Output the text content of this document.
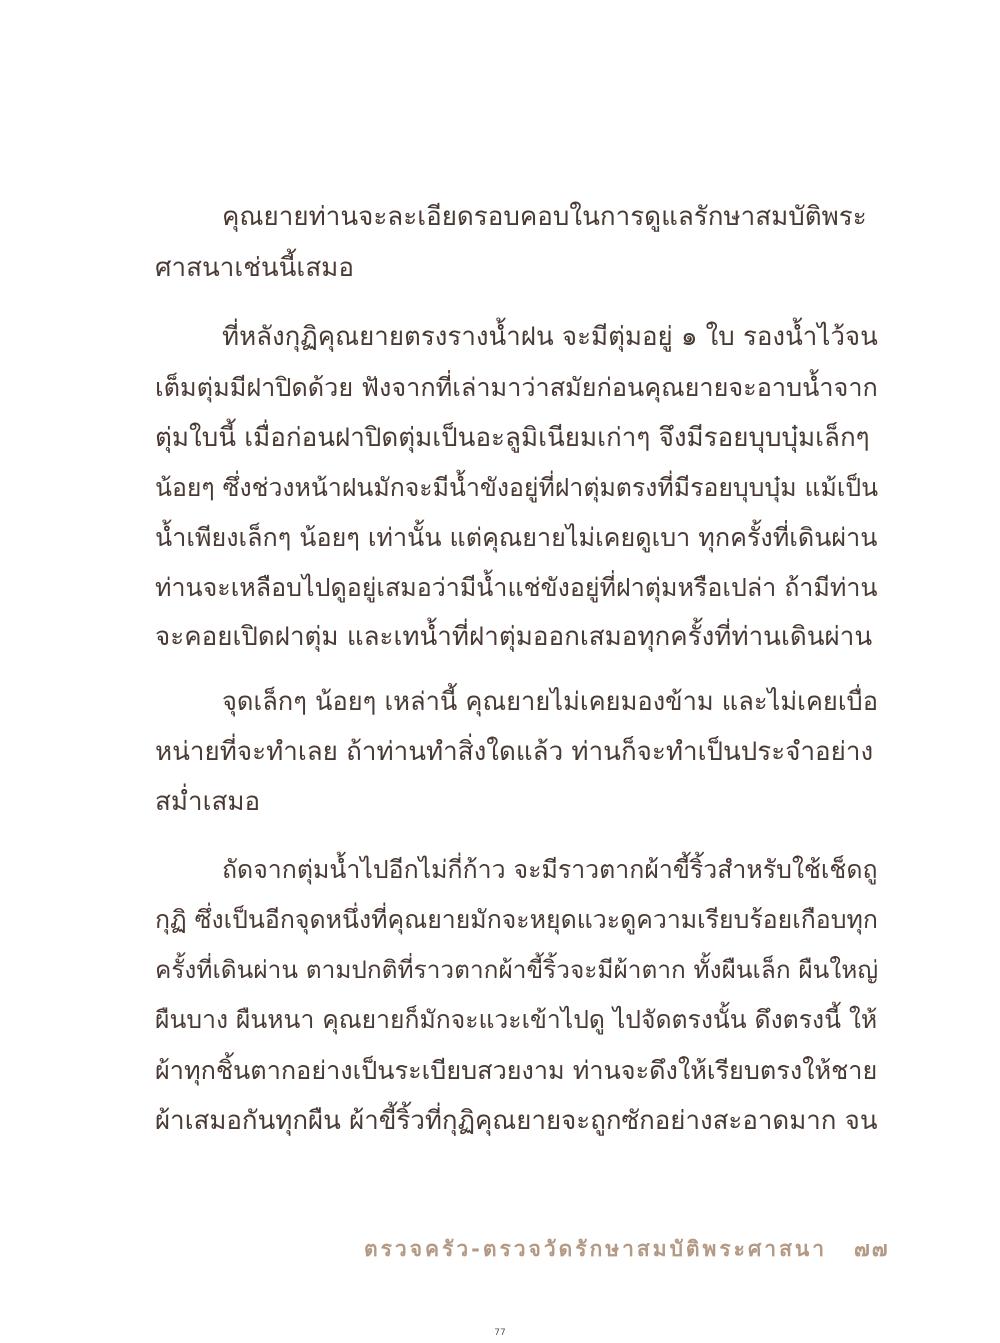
คุณยายท่านจะละเอียดรอบคอบในการดูแลรักษาสมบัติพระ
ศาสนาเช่นนี้เสมอ
ที่หลังกุฏิคุณยายตรงรางน้ำฝน จะมีตุ่มอยู่ ๑ ใบ รองน้ำไว้จน
เต็มตุ่มมีฝาปิดด้วย ฟังจากที่เล่ามาว่าสมัยก่อนคุณยายจะอาบน้ำจาก
ตุ่มใบนี้ เมื่อก่อนฝาปิดตุ่มเป็นอะลูมิเนียมเก่าๆ จึงมีรอยบุบบุ๋มเล็กๆ
น้อยๆ ซึ่งช่วงหน้าฝนมักจะมีน้ำขังอยู่ที่ฝาตุ่มตรงที่มีรอยบุบบุ๋ม แม้เป็น
น้ำเพียงเล็กๆ น้อยๆ เท่านั้น แต่คุณยายไม่เคยดูเบา ทุกครั้งที่เดินผ่าน
ท่านจะเหลือบไปดูอยู่เสมอว่ามีน้ำแช่ขังอยู่ที่ฝาตุ่มหรือเปล่า ถ้ามีท่าน
จะคอยเปิดฝาตุ่ม และเทน้ำที่ฝาตุ่มออกเสมอทุกครั้งที่ท่านเดินผ่าน
จุดเล็กๆ น้อยๆ เหล่านี้ คุณยายไม่เคยมองข้าม และไม่เคยเบื่อ
หน่ายที่จะทำเลย ถ้าท่านทำสิ่งใดแล้ว ท่านก็จะทำเป็นประจำอย่าง
สม่ำเสมอ
ถัดจากตุ่มน้ำไปอีกไม่กี่ก้าว จะมีราวตากผ้าขี้ริ้วสำหรับใช้เช็ดถู
กุฏิ ซึ่งเป็นอีกจุดหนึ่งที่คุณยายมักจะหยุดแวะดูความเรียบร้อยเกือบทุก
ครั้งที่เดินผ่าน ตามปกติที่ราวตากผ้าขี้ริ้วจะมีผ้าตาก ทั้งผืนเล็ก ผืนใหญ่
ผืนบาง ผืนหนา คุณยายก็มักจะแวะเข้าไปดู ไปจัดตรงนั้น ดึงตรงนี้ ให้
ผ้าทุกชิ้นตากอย่างเป็นระเบียบสวยงาม ท่านจะดึงให้เรียบตรงให้ชาย
ผ้าเสมอกันทุกผืน ผ้าขี้ริ้วที่กุฏิคุณยายจะถูกซักอย่างสะอาดมาก จน
ตรวจครัว-ตรวจวัดรักษาสมบัติพระศาสนา ๗๗
77
